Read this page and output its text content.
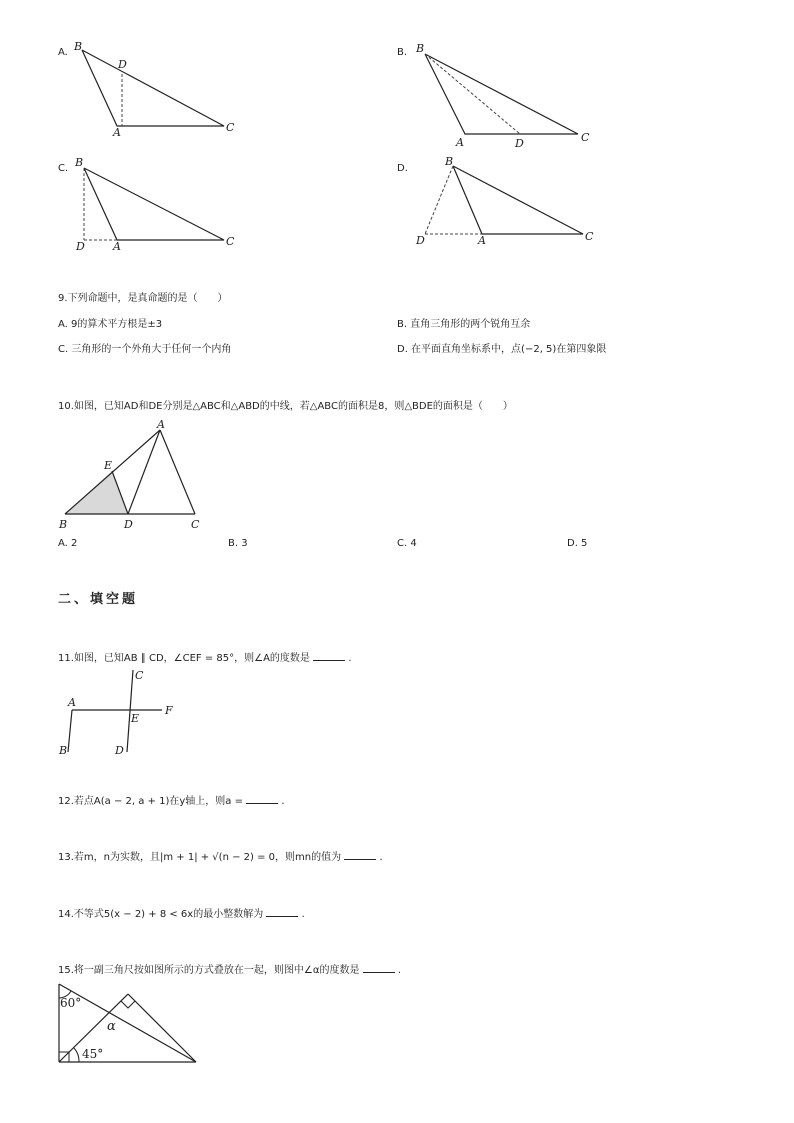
A. B
D
A	C
B. B
A	D	C
C. B
D	A	C
D.
B
D	A	C
9.下列命题中，是真命题的是（　　）
A. 9的算术平方根是±3	B. 直角三角形的两个锐角互余
C. 三角形的一个外角大于任何一个内角	D. 在平面直角坐标系中，点(−2, 5)在第四象限
10.如图，已知AD和DE分别是△ABC和△ABD的中线，若△ABC的面积是8，则△BDE的面积是（　　）
A
E
B	D	C
A. 2	B. 3	C. 4	D. 5
二、填空题
11.如图，已知AB ∥ CD，∠CEF = 85°，则∠A的度数是	.
A
B
C
D
E
F
12.若点A(a − 2, a + 1)在y轴上，则a =	.
13.若m，n为实数，且|m + 1| + √(n − 2) = 0，则mn的值为	.
14.不等式5(x − 2) + 8 < 6x的最小整数解为	.
15.将一副三角尺按如图所示的方式叠放在一起，则图中∠α的度数是	.
60°
45°
α
